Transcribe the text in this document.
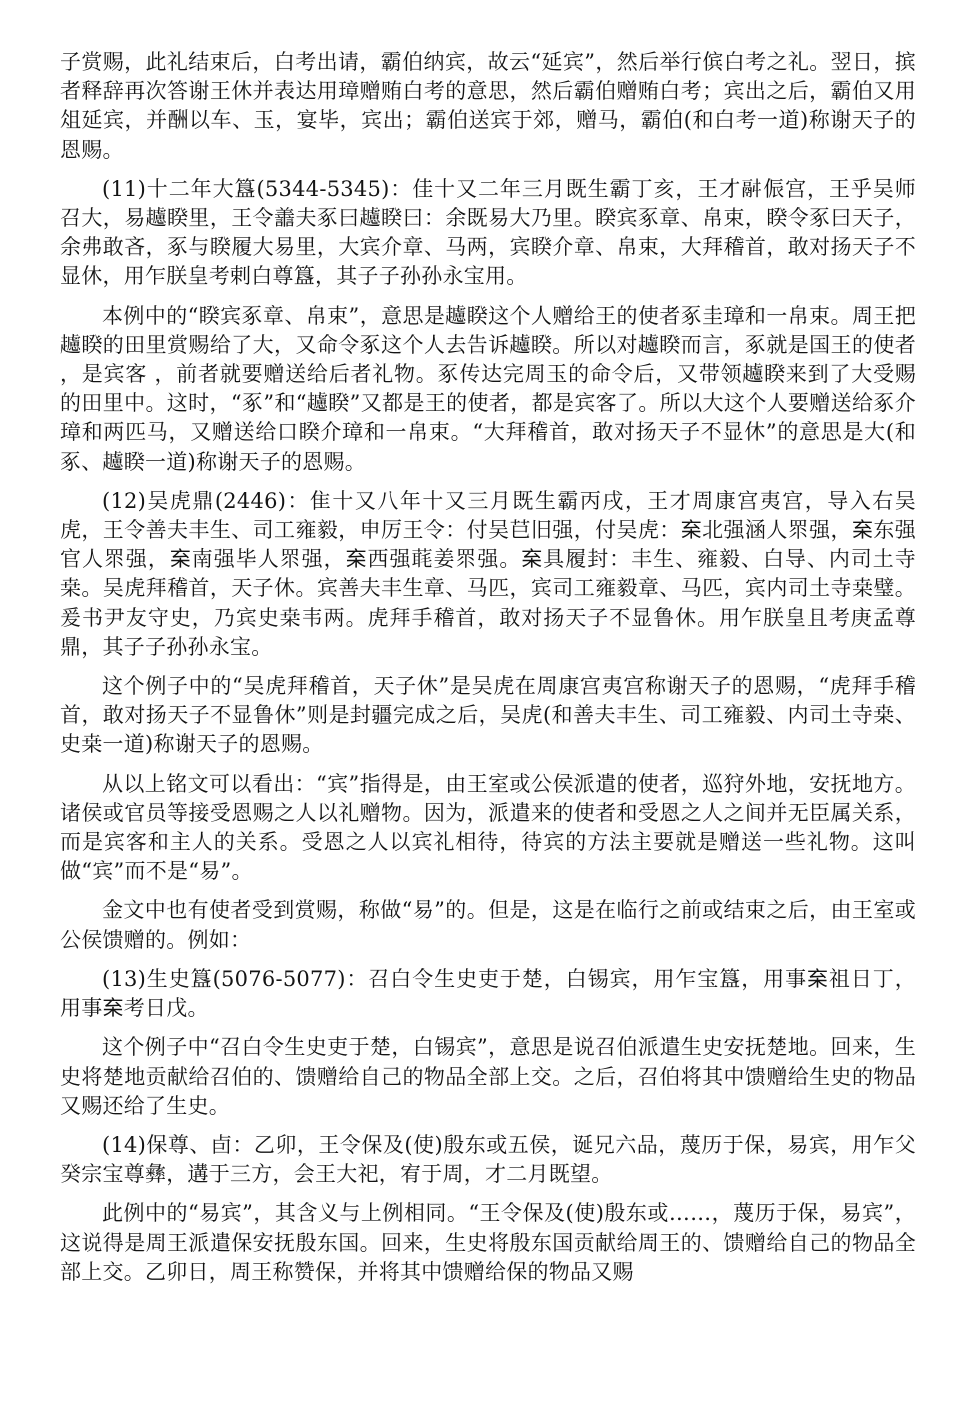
子赏赐，此礼结束后，白考出请，霸伯纳宾，故云“延宾”，然后举行傧白考之礼。翌日，摈者释辞再次答谢王休并表达用璋赠贿白考的意思，然后霸伯赠贿白考；宾出之后，霸伯又用俎延宾，并酬以车、玉，宴毕，宾出；霸伯送宾于郊，赠马，霸伯(和白考一道)称谢天子的恩赐。

(11)十二年大簋(5344-5345)：佳十又二年三月既生霸丁亥，王才𩰫侲宫，王乎吴师召大，易𧾧睽里，王令譱夫豖曰𧾧睽曰：余既易大乃里。睽宾豖章、帛束，睽令豖曰天子，余弗敢吝，豖与睽履大易里，大宾介章、马两，宾睽介章、帛束，大拜稽首，敢对扬天子不显休，用乍朕皇考剌白尊簋，其子子孙孙永宝用。

本例中的“睽宾豖章、帛束”，意思是𧾧睽这个人赠给王的使者豖圭璋和一帛束。周王把𧾧睽的田里赏赐给了大，又命令豖这个人去告诉𧾧睽。所以对𧾧睽而言，豖就是国王的使者 ，是宾客 ，前者就要赠送给后者礼物。豖传达完周玉的命令后，又带领𧾧睽来到了大受赐的田里中。这时，“豖”和“𧾧睽”又都是王的使者，都是宾客了。所以大这个人要赠送给豖介璋和两匹马，又赠送给口睽介璋和一帛束。“大拜稽首，敢对扬天子不显休”的意思是大(和豖、𧾧睽一道)称谢天子的恩赐。

(12)吴虎鼎(2446)：隹十又八年十又三月既生霸丙戌，王才周康宫夷宫，导入右吴虎，王令善夫丰生、司工雍毅，申厉王令：付吴𦬊旧强，付吴虎：𣏋北强涵人眔强，𣏋东强官人眔强，𣏋南强毕人眔强，𣏋西强𦶇姜眔强。𣏋具履封：丰生、雍毅、白导、内司土寺桒。吴虎拜稽首，天子休。宾善夫丰生章、马匹，宾司工雍毅章、马匹，宾内司土寺桒璧。爰书尹友守史，乃宾史桒韦两。虎拜手稽首，敢对扬天子不显鲁休。用乍朕皇且考庚孟尊鼎，其子子孙孙永宝。

这个例子中的“吴虎拜稽首，天子休”是吴虎在周康宫夷宫称谢天子的恩赐，“虎拜手稽首，敢对扬天子不显鲁休”则是封疆完成之后，吴虎(和善夫丰生、司工雍毅、内司土寺桒、史桒一道)称谢天子的恩赐。

从以上铭文可以看出：“宾”指得是，由王室或公侯派遣的使者，巡狩外地，安抚地方。诸侯或官员等接受恩赐之人以礼赠物。因为，派遣来的使者和受恩之人之间并无臣属关系，而是宾客和主人的关系。受恩之人以宾礼相待，待宾的方法主要就是赠送一些礼物。这叫做“宾”而不是“易”。

金文中也有使者受到赏赐，称做“易”的。但是，这是在临行之前或结束之后，由王室或公侯馈赠的。例如：

(13)生史簋(5076-5077)：召白令生史吏于楚，白锡宾，用乍宝簋，用事𣏋祖日丁，用事𣏋考日戊。

这个例子中“召白令生史吏于楚，白锡宾”，意思是说召伯派遣生史安抚楚地。回来，生史将楚地贡献给召伯的、馈赠给自己的物品全部上交。之后，召伯将其中馈赠给生史的物品又赐还给了生史。

(14)保尊、卣：乙卯，王令保及(使)殷东或五侯，诞兄六品，蔑历于保，易宾，用乍父癸宗宝尊彝，遘于三方，会王大祀，宥于周，才二月既望。

此例中的“易宾”，其含义与上例相同。“王令保及(使)殷东或……，蔑历于保，易宾”，这说得是周王派遣保安抚殷东国。回来，生史将殷东国贡献给周王的、馈赠给自己的物品全部上交。乙卯日，周王称赞保，并将其中馈赠给保的物品又赐
